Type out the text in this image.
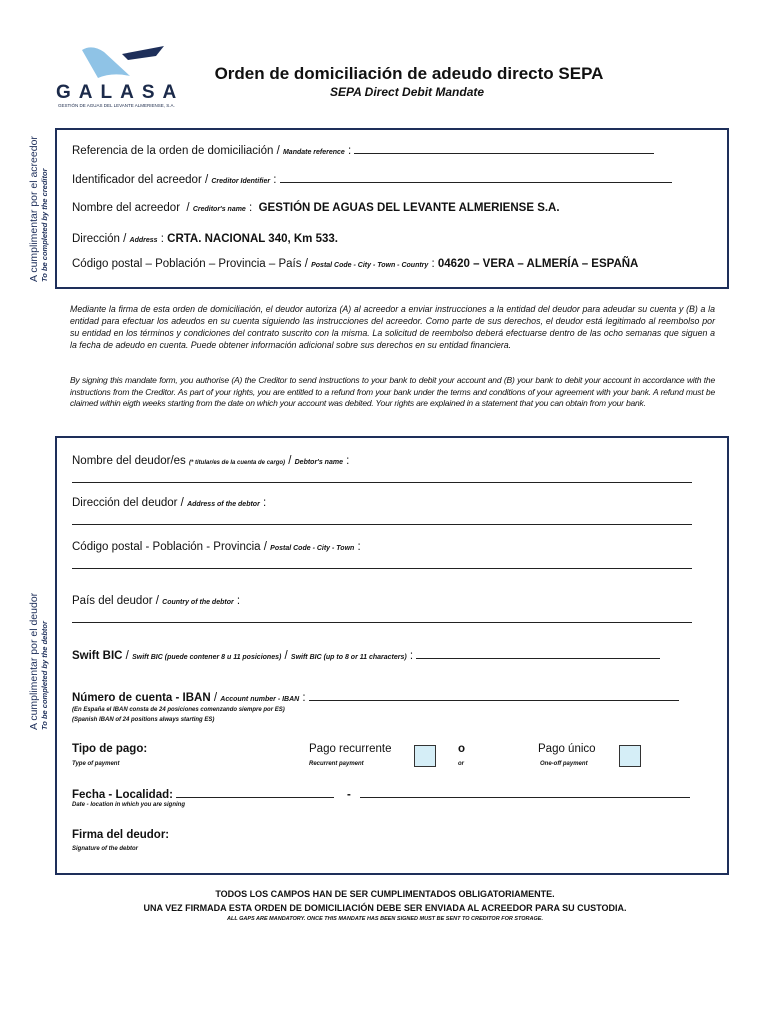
GALASA
GESTIÓN DE AGUAS DEL LEVANTE ALMERIENSE, S.A.
Orden de domiciliación de adeudo directo SEPA
SEPA Direct Debit Mandate
A cumplimentar por el acreedor To be completed by the creditor
A cumplimentar por el deudor To be completed by the debtor
Referencia de la orden de domiciliación / Mandate reference :
Identificador del acreedor / Creditor Identifier :
Nombre del acreedor  / Creditor's name :  GESTIÓN DE AGUAS DEL LEVANTE ALMERIENSE S.A.
Dirección / Address : CRTA. NACIONAL 340, Km 533.
Código postal – Población – Provincia – País / Postal Code - City - Town - Country : 04620 – VERA – ALMERÍA – ESPAÑA
Mediante la firma de esta orden de domiciliación, el deudor autoriza (A) al acreedor a enviar instrucciones a la entidad del deudor para adeudar su cuenta y (B) a la entidad para efectuar los adeudos en su cuenta siguiendo las instrucciones del acreedor. Como parte de sus derechos, el deudor está legitimado al reembolso por su entidad en los términos y condiciones del contrato suscrito con la misma. La solicitud de reembolso deberá efectuarse dentro de las ocho semanas que siguen a la fecha de adeudo en cuenta. Puede obtener información adicional sobre sus derechos en su entidad financiera.
By signing this mandate form, you authorise (A) the Creditor to send instructions to your bank to debit your account and (B) your bank to debit your account in accordance with the instructions from the Creditor. As part of your rights, you are entitled to a refund from your bank under the terms and conditions of your agreement with your bank. A refund must be claimed within eigth weeks starting from the date on which your account was debited. Your rights are explained in a statement that you can obtain from your bank.
Nombre del deudor/es (* titular/es de la cuenta de cargo) / Debtor's name :
Dirección del deudor / Address of the debtor :
Código postal - Población - Provincia / Postal Code - City - Town :
País del deudor / Country of the debtor :
Swift BIC / Swift BIC (puede contener 8 u 11 posiciones) / Swift BIC (up to 8 or 11 characters) :
Número de cuenta - IBAN / Account number - IBAN :
(En España el IBAN consta de 24 posiciones comenzando siempre por ES)
(Spanish IBAN of 24 positions always starting ES)
Tipo de pago:
Type of payment
Pago recurrente
Recurrent payment
o
or
Pago único
One-off payment
Fecha - Localidad:	-
Date - location in which you are signing
Firma del deudor:
Signature of the debtor
TODOS LOS CAMPOS HAN DE SER CUMPLIMENTADOS OBLIGATORIAMENTE.
UNA VEZ FIRMADA ESTA ORDEN DE DOMICILIACIÓN DEBE SER ENVIADA AL ACREEDOR PARA SU CUSTODIA.
ALL GAPS ARE MANDATORY. ONCE THIS MANDATE HAS BEEN SIGNED MUST BE SENT TO CREDITOR FOR STORAGE.
